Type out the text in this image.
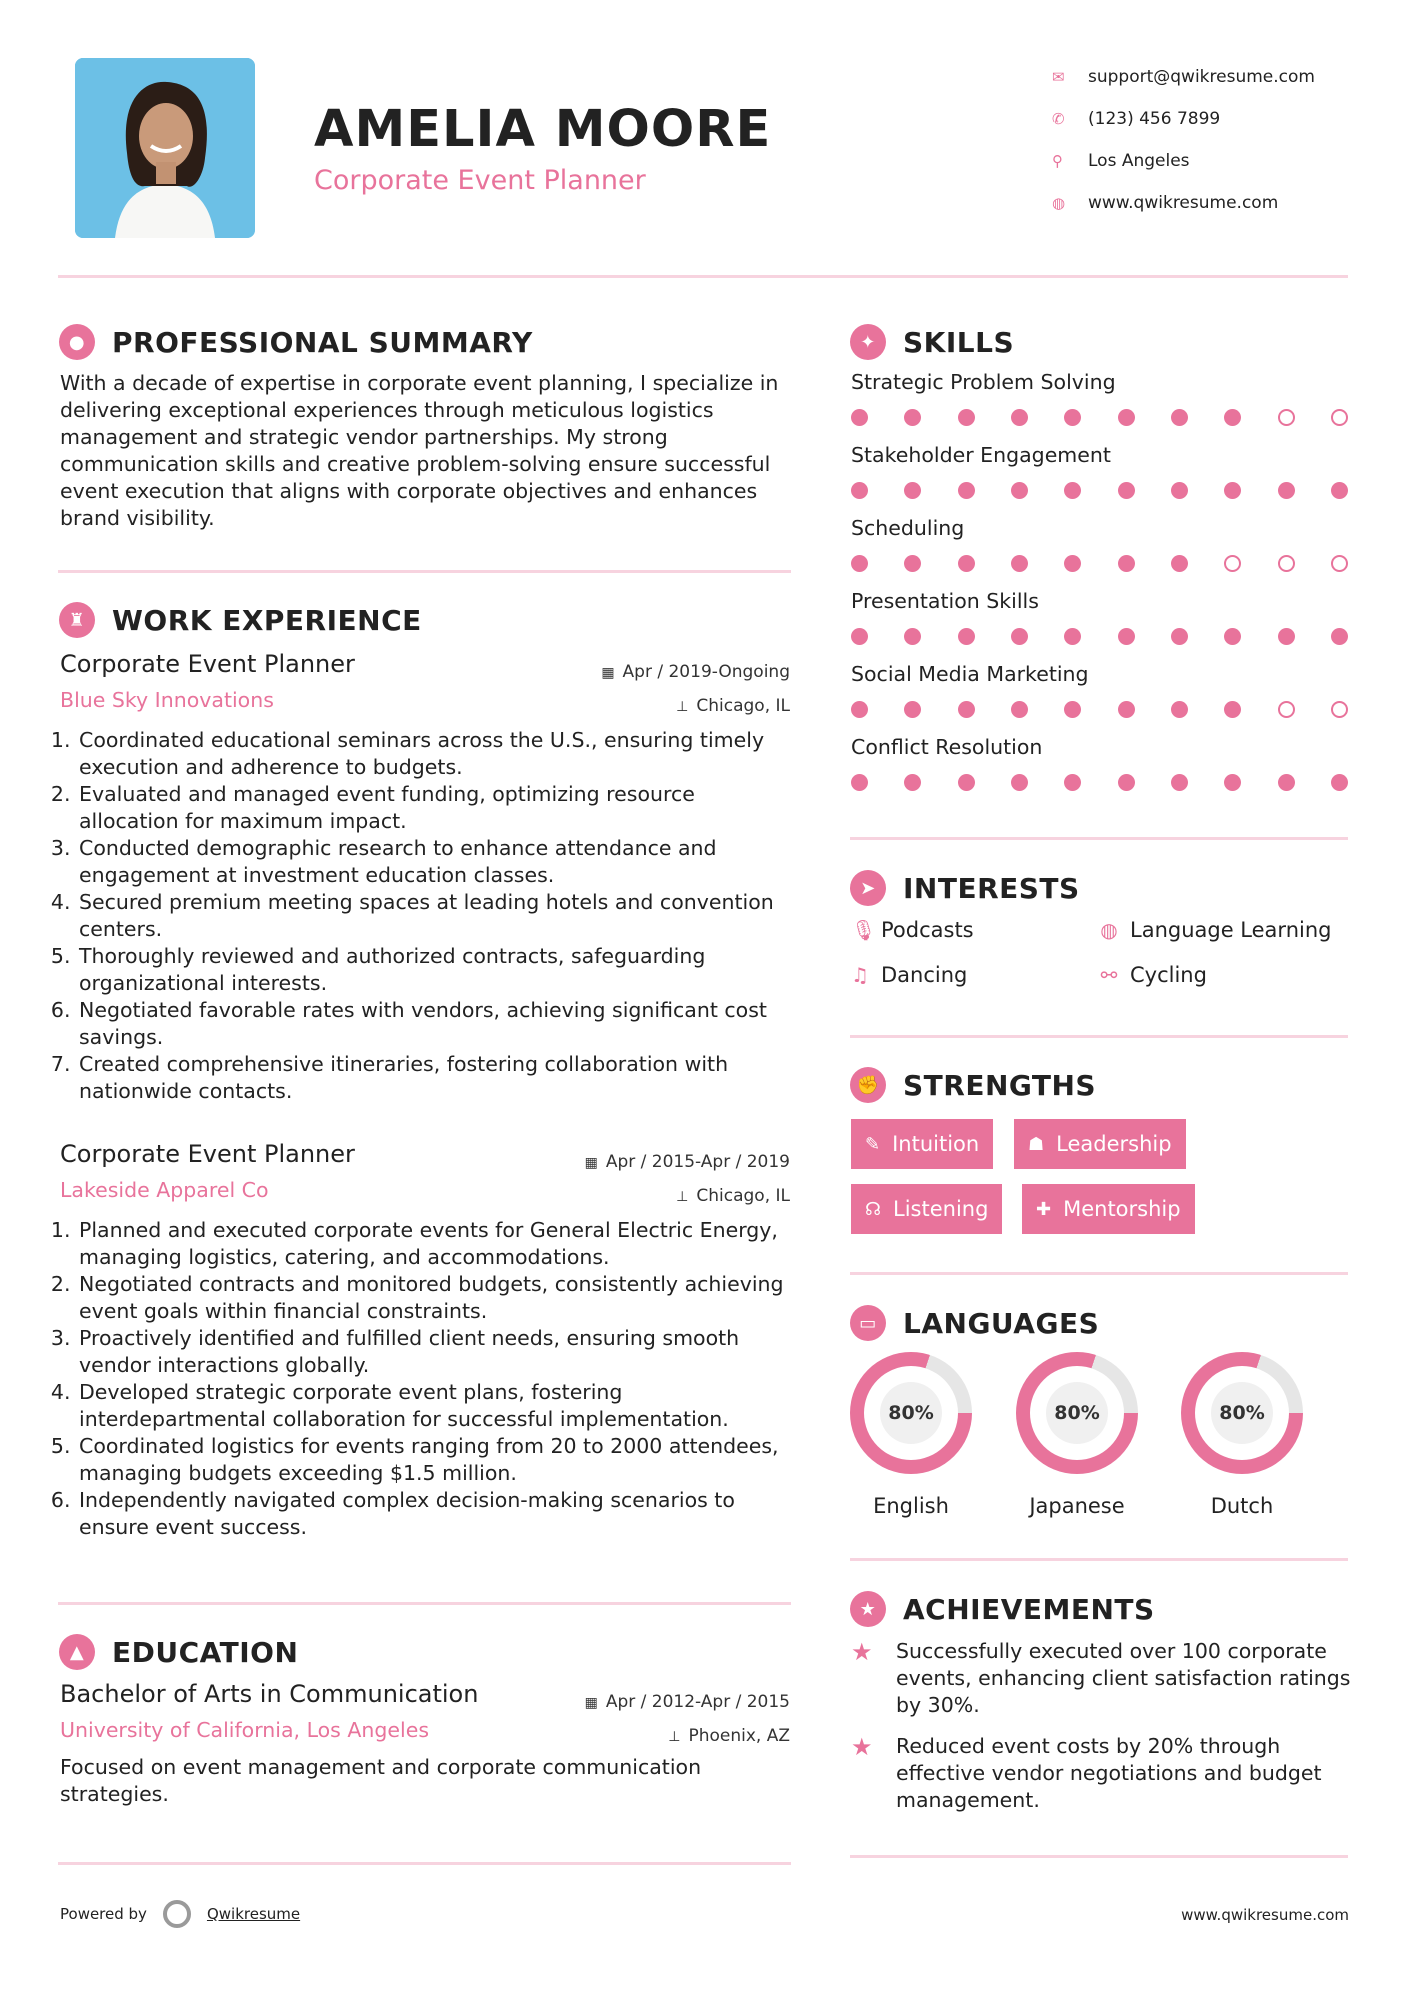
AMELIA MOORE
Corporate Event Planner
✉	support@qwikresume.com
✆	(123) 456 7899
⚲	Los Angeles
◍	www.qwikresume.com
● PROFESSIONAL SUMMARY
With a decade of expertise in corporate event planning, I specialize in delivering exceptional experiences through meticulous logistics management and strategic vendor partnerships. My strong communication skills and creative problem-solving ensure successful event execution that aligns with corporate objectives and enhances brand visibility.
♜ WORK EXPERIENCE
Corporate Event Planner
Blue Sky Innovations
▦ Apr / 2019-Ongoing
⊥ Chicago, IL
1. Coordinated educational seminars across the U.S., ensuring timely execution and adherence to budgets.
2. Evaluated and managed event funding, optimizing resource allocation for maximum impact.
3. Conducted demographic research to enhance attendance and engagement at investment education classes.
4. Secured premium meeting spaces at leading hotels and convention centers.
5. Thoroughly reviewed and authorized contracts, safeguarding organizational interests.
6. Negotiated favorable rates with vendors, achieving significant cost savings.
7. Created comprehensive itineraries, fostering collaboration with nationwide contacts.
Corporate Event Planner
Lakeside Apparel Co
▦ Apr / 2015-Apr / 2019
⊥ Chicago, IL
1. Planned and executed corporate events for General Electric Energy, managing logistics, catering, and accommodations.
2. Negotiated contracts and monitored budgets, consistently achieving event goals within financial constraints.
3. Proactively identified and fulfilled client needs, ensuring smooth vendor interactions globally.
4. Developed strategic corporate event plans, fostering interdepartmental collaboration for successful implementation.
5. Coordinated logistics for events ranging from 20 to 2000 attendees, managing budgets exceeding $1.5 million.
6. Independently navigated complex decision-making scenarios to ensure event success.
▲ EDUCATION
Bachelor of Arts in Communication
University of California, Los Angeles
▦ Apr / 2012-Apr / 2015
⊥ Phoenix, AZ
Focused on event management and corporate communication strategies.
✦ SKILLS
Strategic Problem Solving
Stakeholder Engagement
Scheduling
Presentation Skills
Social Media Marketing
Conflict Resolution
➤ INTERESTS
🎙 Podcasts	◍ Language Learning
♫ Dancing	⚯ Cycling
✊ STRENGTHS
✎ Intuition	☗ Leadership
☊ Listening	✚ Mentorship
▭ LANGUAGES
80%
English
80%
Japanese
80%
Dutch
★ ACHIEVEMENTS
★	Successfully executed over 100 corporate events, enhancing client satisfaction ratings by 30%.
★	Reduced event costs by 20% through effective vendor negotiations and budget management.
Powered by	Qwikresume	www.qwikresume.com
